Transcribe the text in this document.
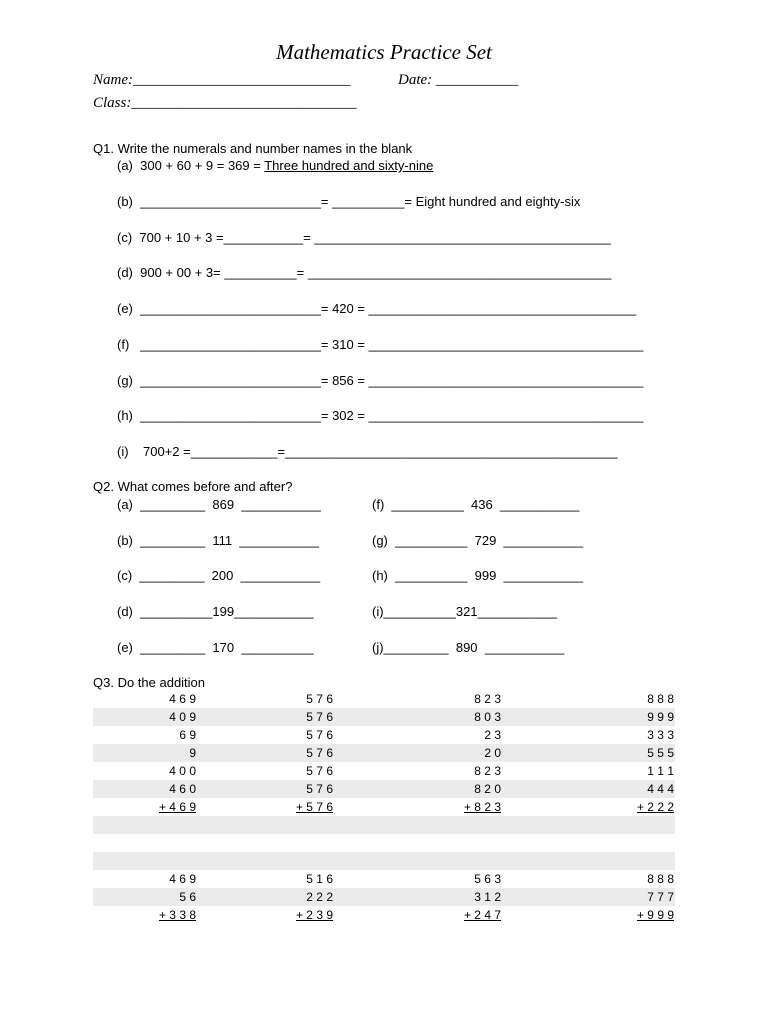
Mathematics Practice Set
Name:_____________________________	Date: ___________
Class:______________________________
Q1. Write the numerals and number names in the blank
(a)  300 + 60 + 9 = 369 = Three hundred and sixty-nine
(b)  _________________________= __________= Eight hundred and eighty-six
(c)  700 + 10 + 3 =___________= _________________________________________
(d)  900 + 00 + 3= __________= __________________________________________
(e)  _________________________= 420 = _____________________________________
(f)   _________________________= 310 = ______________________________________
(g)  _________________________= 856 = ______________________________________
(h)  _________________________= 302 = ______________________________________
(i)    700+2 =____________=______________________________________________
Q2. What comes before and after?
(a)  _________  869  ___________
(b)  _________  111  ___________
(c)  _________  200  ___________
(d)  __________199___________
(e)  _________  170  __________
(f)  __________  436  ___________
(g)  __________  729  ___________
(h)  __________  999  ___________
(i)__________321___________
(j)_________  890  ___________
Q3. Do the addition
4 6 9	5 7 6	8 2 3	8 8 8
4 0 9	5 7 6	8 0 3	9 9 9
6 9	5 7 6	2 3	3 3 3
9	5 7 6	2 0	5 5 5
4 0 0	5 7 6	8 2 3	1 1 1
4 6 0	5 7 6	8 2 0	4 4 4
+ 4 6 9	+ 5 7 6	+ 8 2 3	+ 2 2 2
4 6 9	5 1 6	5 6 3	8 8 8
5 6	2 2 2	3 1 2	7 7 7
+ 3 3 8	+ 2 3 9	+ 2 4 7	+ 9 9 9
